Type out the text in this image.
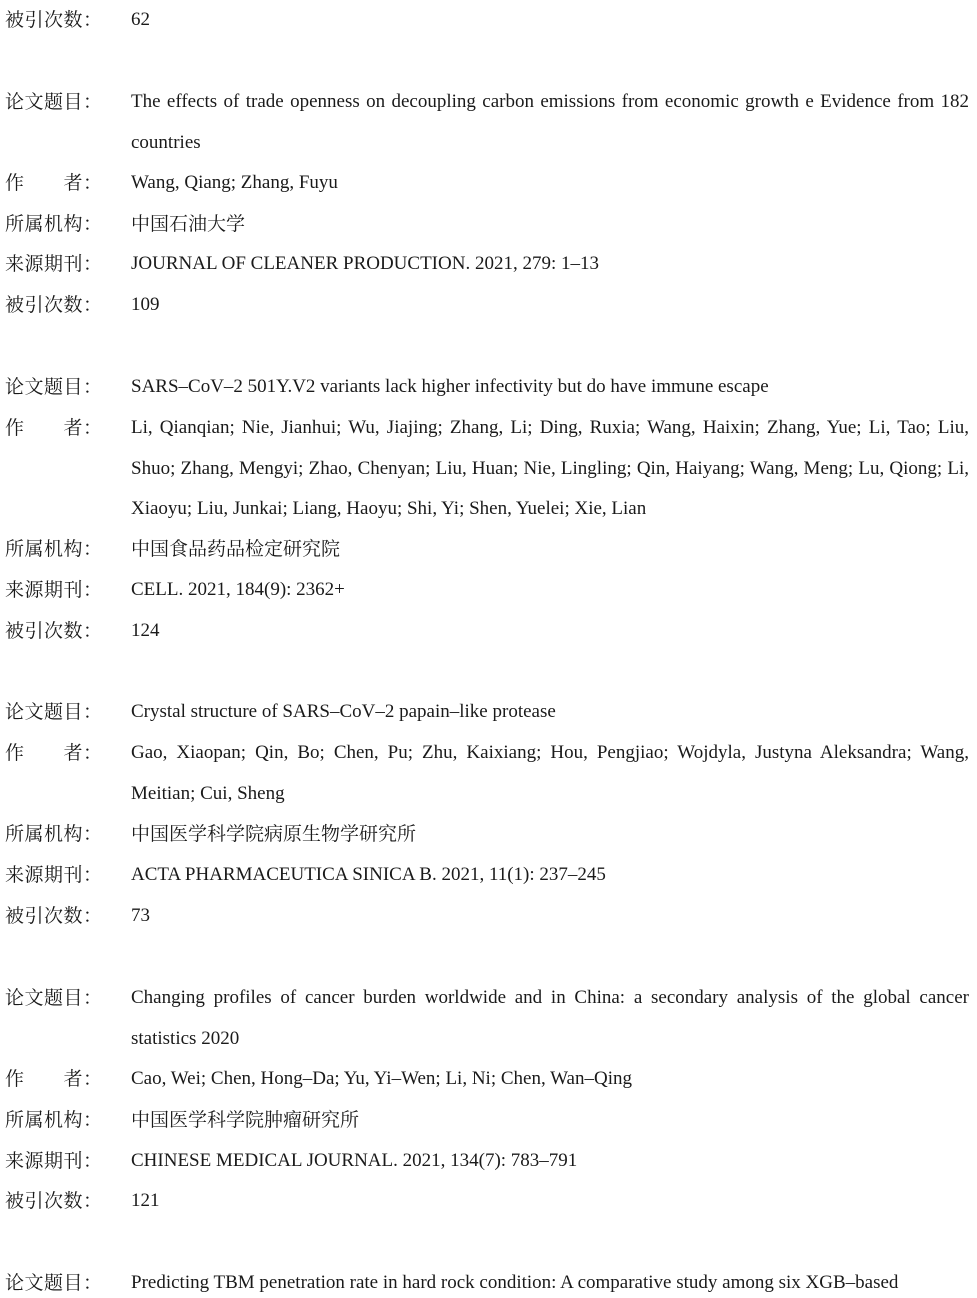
被引次数：	62
论文题目：	The effects of trade openness on decoupling carbon emissions from economic growth e Evidence from 182 countries
作　　者：	Wang, Qiang; Zhang, Fuyu
所属机构：	中国石油大学
来源期刊：	JOURNAL OF CLEANER PRODUCTION. 2021, 279: 1–13
被引次数：	109
论文题目：	SARS–CoV–2 501Y.V2 variants lack higher infectivity but do have immune escape
作　　者：	Li, Qianqian; Nie, Jianhui; Wu, Jiajing; Zhang, Li; Ding, Ruxia; Wang, Haixin; Zhang, Yue; Li, Tao; Liu, Shuo; Zhang, Mengyi; Zhao, Chenyan; Liu, Huan; Nie, Lingling; Qin, Haiyang; Wang, Meng; Lu, Qiong; Li, Xiaoyu; Liu, Junkai; Liang, Haoyu; Shi, Yi; Shen, Yuelei; Xie, Lian
所属机构：	中国食品药品检定研究院
来源期刊：	CELL. 2021, 184(9): 2362+
被引次数：	124
论文题目：	Crystal structure of SARS–CoV–2 papain–like protease
作　　者：	Gao, Xiaopan; Qin, Bo; Chen, Pu; Zhu, Kaixiang; Hou, Pengjiao; Wojdyla, Justyna Aleksandra; Wang, Meitian; Cui, Sheng
所属机构：	中国医学科学院病原生物学研究所
来源期刊：	ACTA PHARMACEUTICA SINICA B. 2021, 11(1): 237–245
被引次数：	73
论文题目：	Changing profiles of cancer burden worldwide and in China: a secondary analysis of the global cancer statistics 2020
作　　者：	Cao, Wei; Chen, Hong–Da; Yu, Yi–Wen; Li, Ni; Chen, Wan–Qing
所属机构：	中国医学科学院肿瘤研究所
来源期刊：	CHINESE MEDICAL JOURNAL. 2021, 134(7): 783–791
被引次数：	121
论文题目：	Predicting TBM penetration rate in hard rock condition: A comparative study among six XGB–based
